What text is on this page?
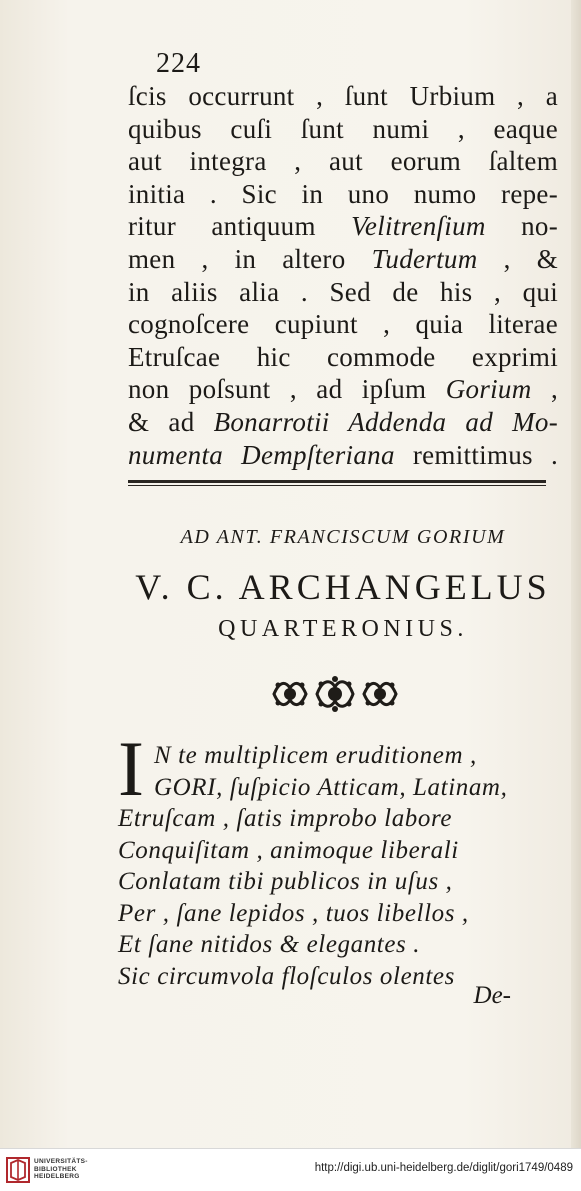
224
ſcis occurrunt , ſunt Urbium , a
quibus cuſi ſunt numi , eaque
aut integra , aut eorum ſaltem
initia . Sic in uno numo repe-
ritur antiquum Velitrenſium no-
men , in altero Tudertum , &
in aliis alia . Sed de his , qui
cognoſcere cupiunt , quia literae
Etruſcae hic commode exprimi
non poſsunt , ad ipſum Gorium ,
& ad Bonarrotii Addenda ad Mo-
numenta Dempſteriana remittimus .
AD ANT. FRANCISCUM GORIUM
V. C. ARCHANGELUS
QUARTERONIUS.
I N te multiplicem eruditionem ,
GORI, ſuſpicio Atticam, Latinam,
Etruſcam , ſatis improbo labore
Conquiſitam , animoque liberali
Conlatam tibi publicos in uſus ,
Per , ſane lepidos , tuos libellos ,
Et ſane nitidos & elegantes .
Sic circumvola floſculos olentes
De-
UNIVERSITÄTS-
BIBLIOTHEK
HEIDELBERG
http://digi.ub.uni-heidelberg.de/diglit/gori1749/0489
